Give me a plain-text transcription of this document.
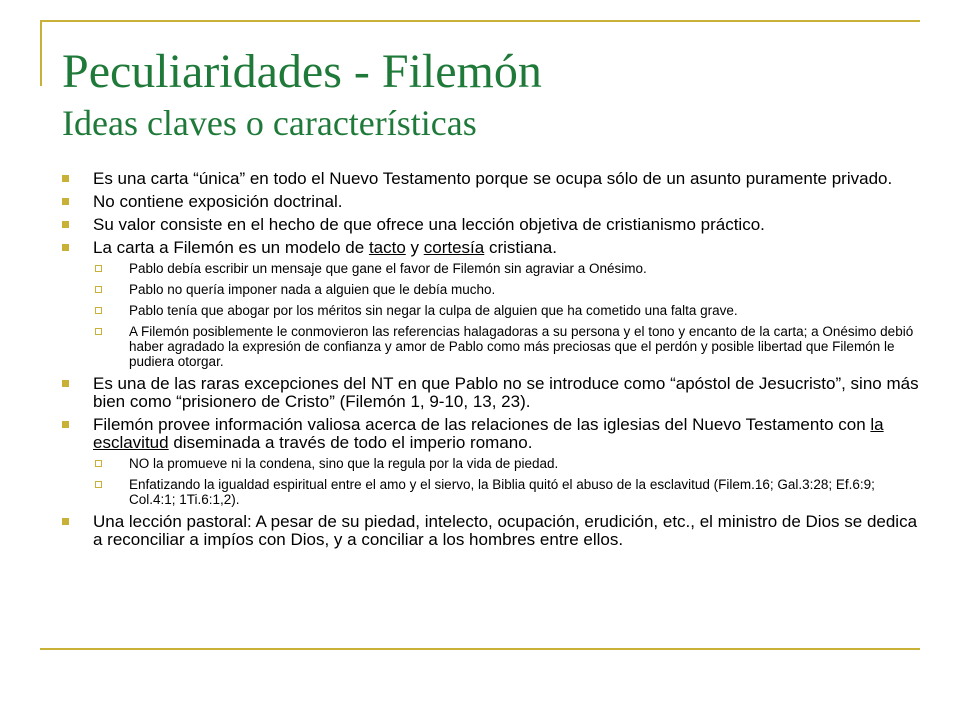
Peculiaridades - Filemón
Ideas claves o características
Es una carta “única” en todo el Nuevo Testamento porque se ocupa sólo de un asunto puramente privado.
No contiene exposición doctrinal.
Su valor consiste en el hecho de que ofrece una lección objetiva de cristianismo práctico.
La carta a Filemón es un modelo de tacto y cortesía cristiana.
Pablo debía escribir un mensaje que gane el favor de Filemón sin agraviar a Onésimo.
Pablo no quería imponer nada a alguien que le debía mucho.
Pablo tenía que abogar por los méritos sin negar la culpa de alguien que ha cometido una falta grave.
A Filemón posiblemente le conmovieron las referencias halagadoras a su persona y el tono y encanto de la carta; a Onésimo debió haber agradado la expresión de confianza y amor de Pablo como más preciosas que el perdón y posible libertad que Filemón le pudiera otorgar.
Es una de las raras excepciones del NT en que Pablo no se introduce como “apóstol de Jesucristo”, sino más bien como “prisionero de Cristo” (Filemón 1, 9-10, 13, 23).
Filemón provee información valiosa acerca de las relaciones de las iglesias del Nuevo Testamento con la esclavitud diseminada a través de todo el imperio romano.
NO la promueve ni la condena, sino que la regula por la vida de piedad.
Enfatizando la igualdad espiritual entre el amo y el siervo, la Biblia quitó el abuso de la esclavitud (Filem.16; Gal.3:28; Ef.6:9; Col.4:1; 1Ti.6:1,2).
Una lección pastoral: A pesar de su piedad, intelecto, ocupación, erudición, etc., el ministro de Dios se dedica a reconciliar a impíos con Dios, y a conciliar a los hombres entre ellos.
